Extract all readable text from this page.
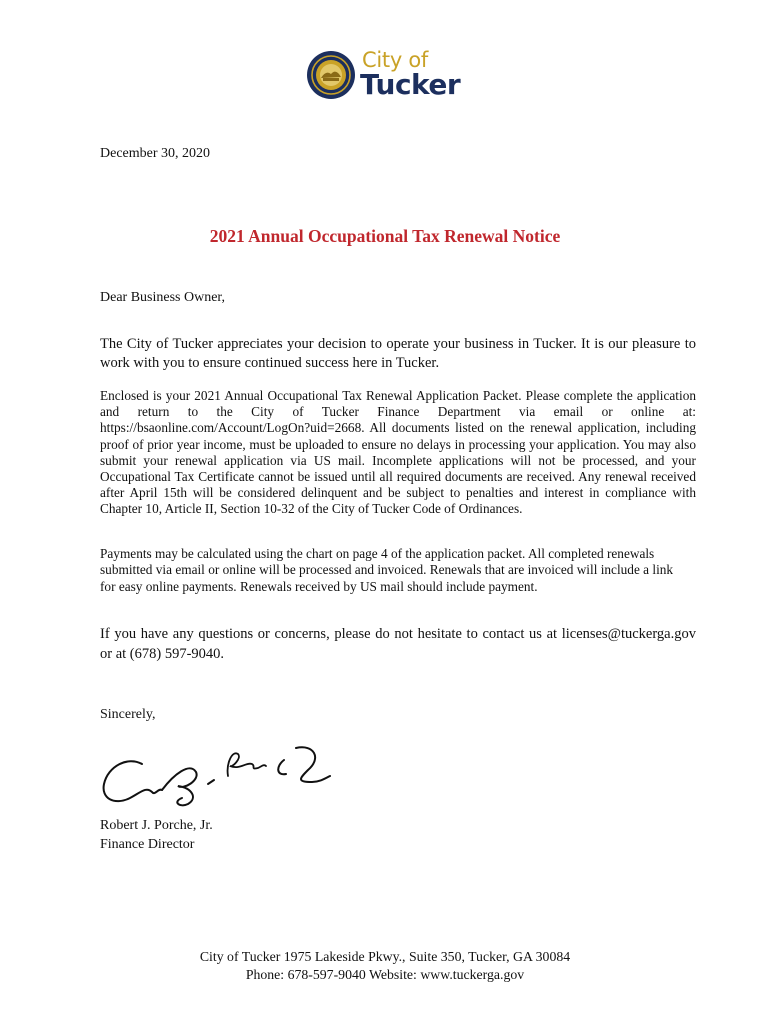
City of
Tucker
December 30, 2020
2021 Annual Occupational Tax Renewal Notice
Dear Business Owner,
The City of Tucker appreciates your decision to operate your business in Tucker. It is our pleasure to work with you to ensure continued success here in Tucker.
Enclosed is your 2021 Annual Occupational Tax Renewal Application Packet. Please complete the application and return to the City of Tucker Finance Department via email or online at: https://bsaonline.com/Account/LogOn?uid=2668. All documents listed on the renewal application, including proof of prior year income, must be uploaded to ensure no delays in processing your application. You may also submit your renewal application via US mail. Incomplete applications will not be processed, and your Occupational Tax Certificate cannot be issued until all required documents are received. Any renewal received after April 15th will be considered delinquent and be subject to penalties and interest in compliance with Chapter 10, Article II, Section 10-32 of the City of Tucker Code of Ordinances.
Payments may be calculated using the chart on page 4 of the application packet. All completed renewals submitted via email or online will be processed and invoiced. Renewals that are invoiced will include a link for easy online payments. Renewals received by US mail should include payment.
If you have any questions or concerns, please do not hesitate to contact us at licenses@tuckerga.gov or at (678) 597-9040.
Sincerely,
Robert J. Porche, Jr.
Finance Director
City of Tucker 1975 Lakeside Pkwy., Suite 350, Tucker, GA 30084
Phone: 678-597-9040 Website: www.tuckerga.gov
